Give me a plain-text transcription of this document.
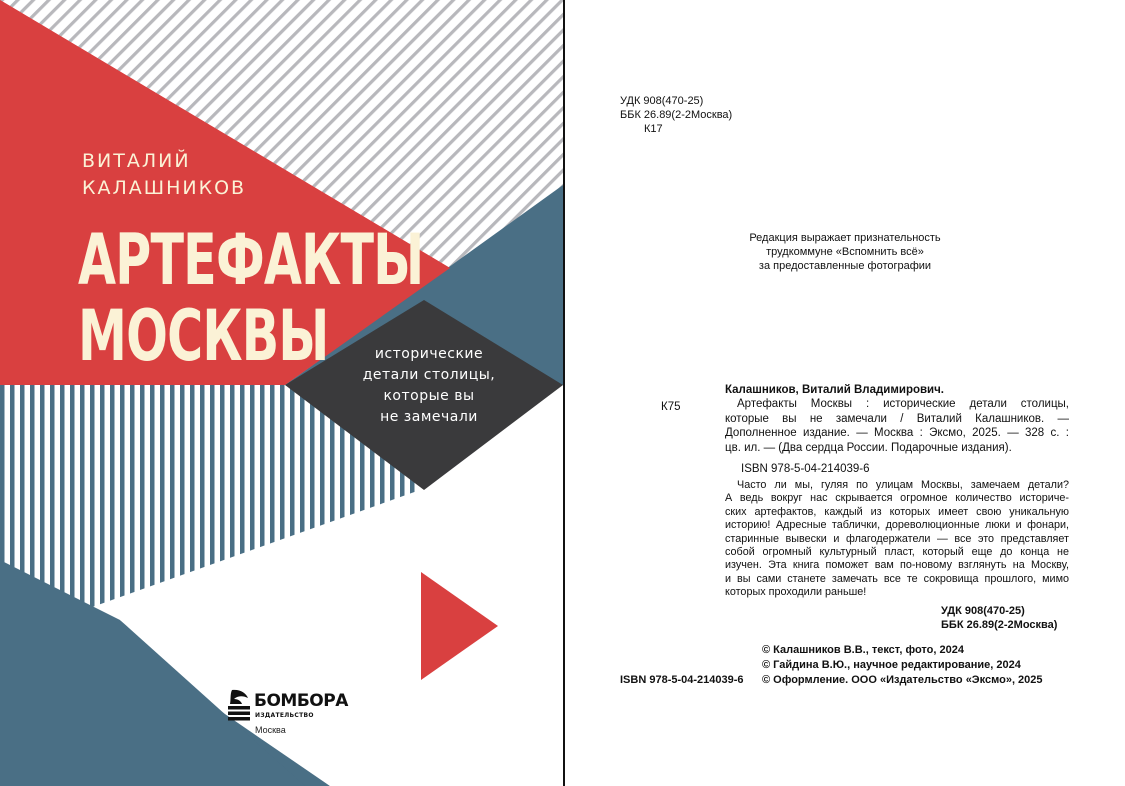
ВИТАЛИЙ
КАЛАШНИКОВ

АРТЕФАКТЫ
МОСКВЫ	исторические
детали столицы,
которые вы
не замечали

БОМБОРА
ИЗДАТЕЛЬСТВО
Москва

УДК 908(470-25)

ББК 26.89(2-2Москва)

К17

Редакция выражает признательность
трудкоммуне «Вспомнить всё»
за предоставленные фотографии

Калашников, Виталий Владимирович.

К75	Артефакты Москвы : исторические детали столицы,
которые вы не замечали / Виталий Калашников. —
Дополненное издание. — Москва : Эксмо, 2025. — 328 с. :
цв. ил. — (Два сердца России. Подарочные издания).

ISBN 978-5-04-214039-6

Часто ли мы, гуляя по улицам Москвы, замечаем детали?
А ведь вокруг нас скрывается огромное количество историче-
ских артефактов, каждый из которых имеет свою уникальную
историю! Адресные таблички, дореволюционные люки и фонари,
старинные вывески и флагодержатели — все это представляет
собой огромный культурный пласт, который еще до конца не
изучен. Эта книга поможет вам по-новому взглянуть на Москву,
и вы сами станете замечать все те сокровища прошлого, мимо
которых проходили раньше!

УДК 908(470-25)

ББК 26.89(2-2Москва)

© Калашников В.В., текст, фото, 2024

© Гайдина В.Ю., научное редактирование, 2024

© Оформление. ООО «Издательство «Эксмо», 2025

ISBN 978-5-04-214039-6
